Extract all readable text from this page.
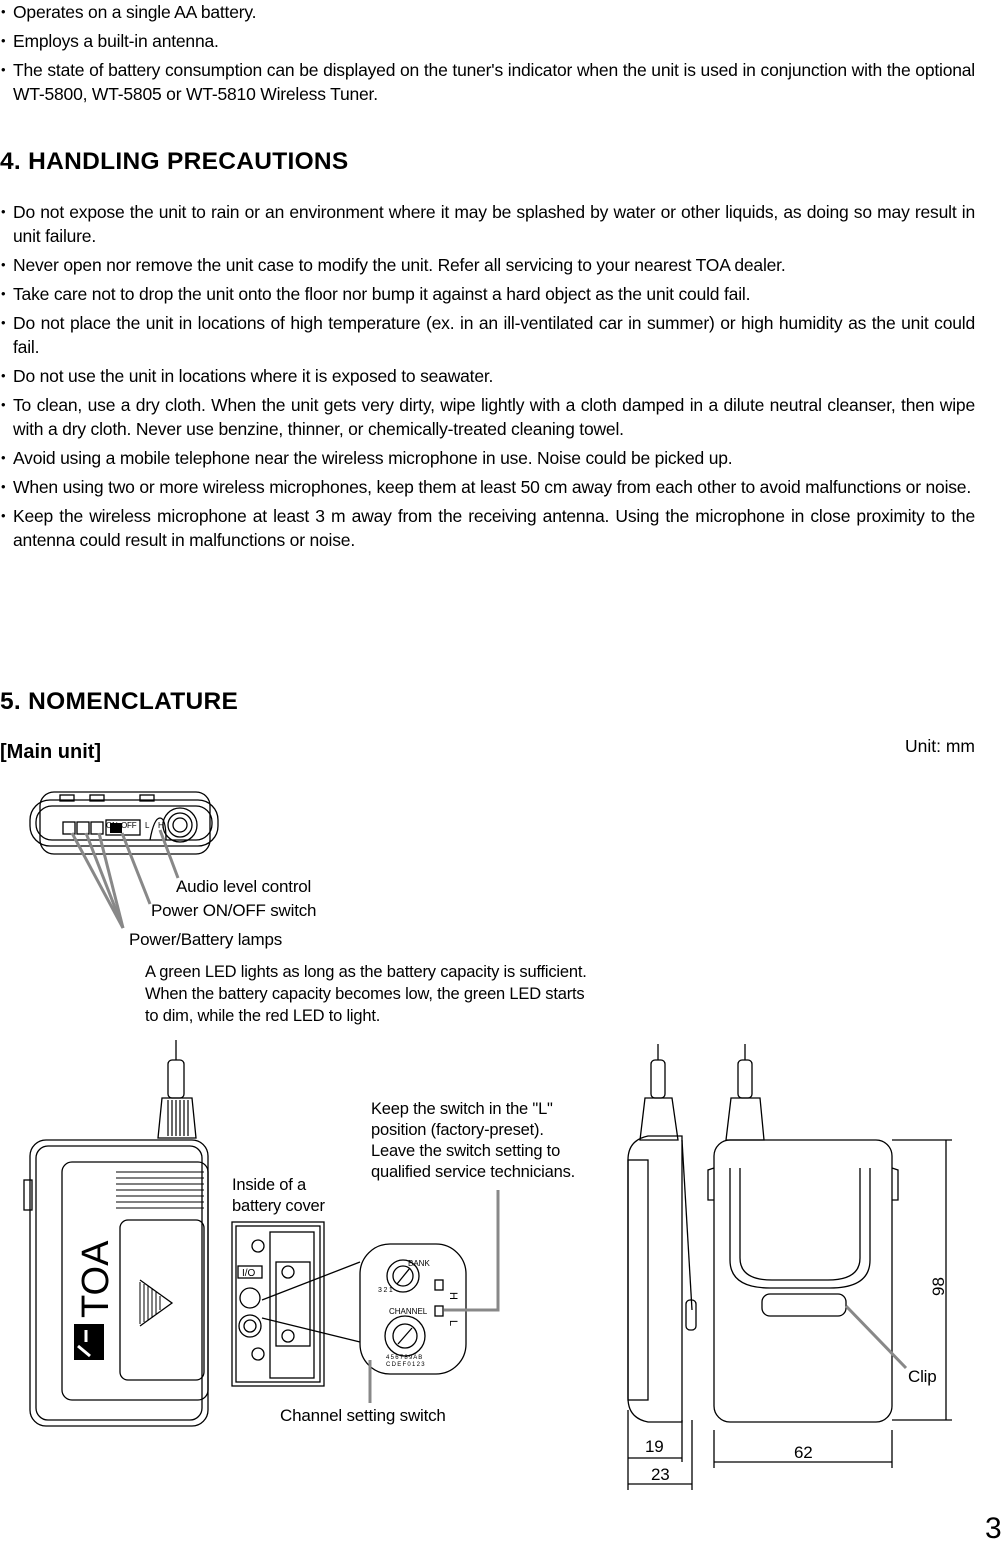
• Operates on a single AA battery.
• Employs a built-in antenna.
• The state of battery consumption can be displayed on the tuner's indicator when the unit is used in conjunction with the optional WT-5800, WT-5805 or WT-5810 Wireless Tuner.
4. HANDLING PRECAUTIONS
• Do not expose the unit to rain or an environment where it may be splashed by water or other liquids, as doing so may result in unit failure.
• Never open nor remove the unit case to modify the unit. Refer all servicing to your nearest TOA dealer.
• Take care not to drop the unit onto the floor nor bump it against a hard object as the unit could fail.
• Do not place the unit in locations of high temperature (ex. in an ill-ventilated car in summer) or high humidity as the unit could fail.
• Do not use the unit in locations where it is exposed to seawater.
• To clean, use a dry cloth. When the unit gets very dirty, wipe lightly with a cloth damped in a dilute neutral cleanser, then wipe with a dry cloth. Never use benzine, thinner, or chemically-treated cleaning towel.
• Avoid using a mobile telephone near the wireless microphone in use. Noise could be picked up.
• When using two or more wireless microphones, keep them at least 50 cm away from each other to avoid malfunctions or noise.
• Keep the wireless microphone at least 3 m away from the receiving antenna. Using the microphone in close proximity to the antenna could result in malfunctions or noise.
5. NOMENCLATURE
[Main unit]	Unit: mm
TOA	I/O
BANK
CHANNEL
H
L
98
ON OFF L H
Audio level control
Power ON/OFF switch
Power/Battery lamps
A green LED lights as long as the battery capacity is sufficient.
When the battery capacity becomes low, the green LED starts
to dim, while the red LED to light.
Inside of a
battery cover
Keep the switch in the "L"
position (factory-preset).
Leave the switch setting to
qualified service technicians.
Channel setting switch
3 2 1
4 5 6 7 8 9 A B C D E F 0 1 2 3
Clip
19
23
62
3
